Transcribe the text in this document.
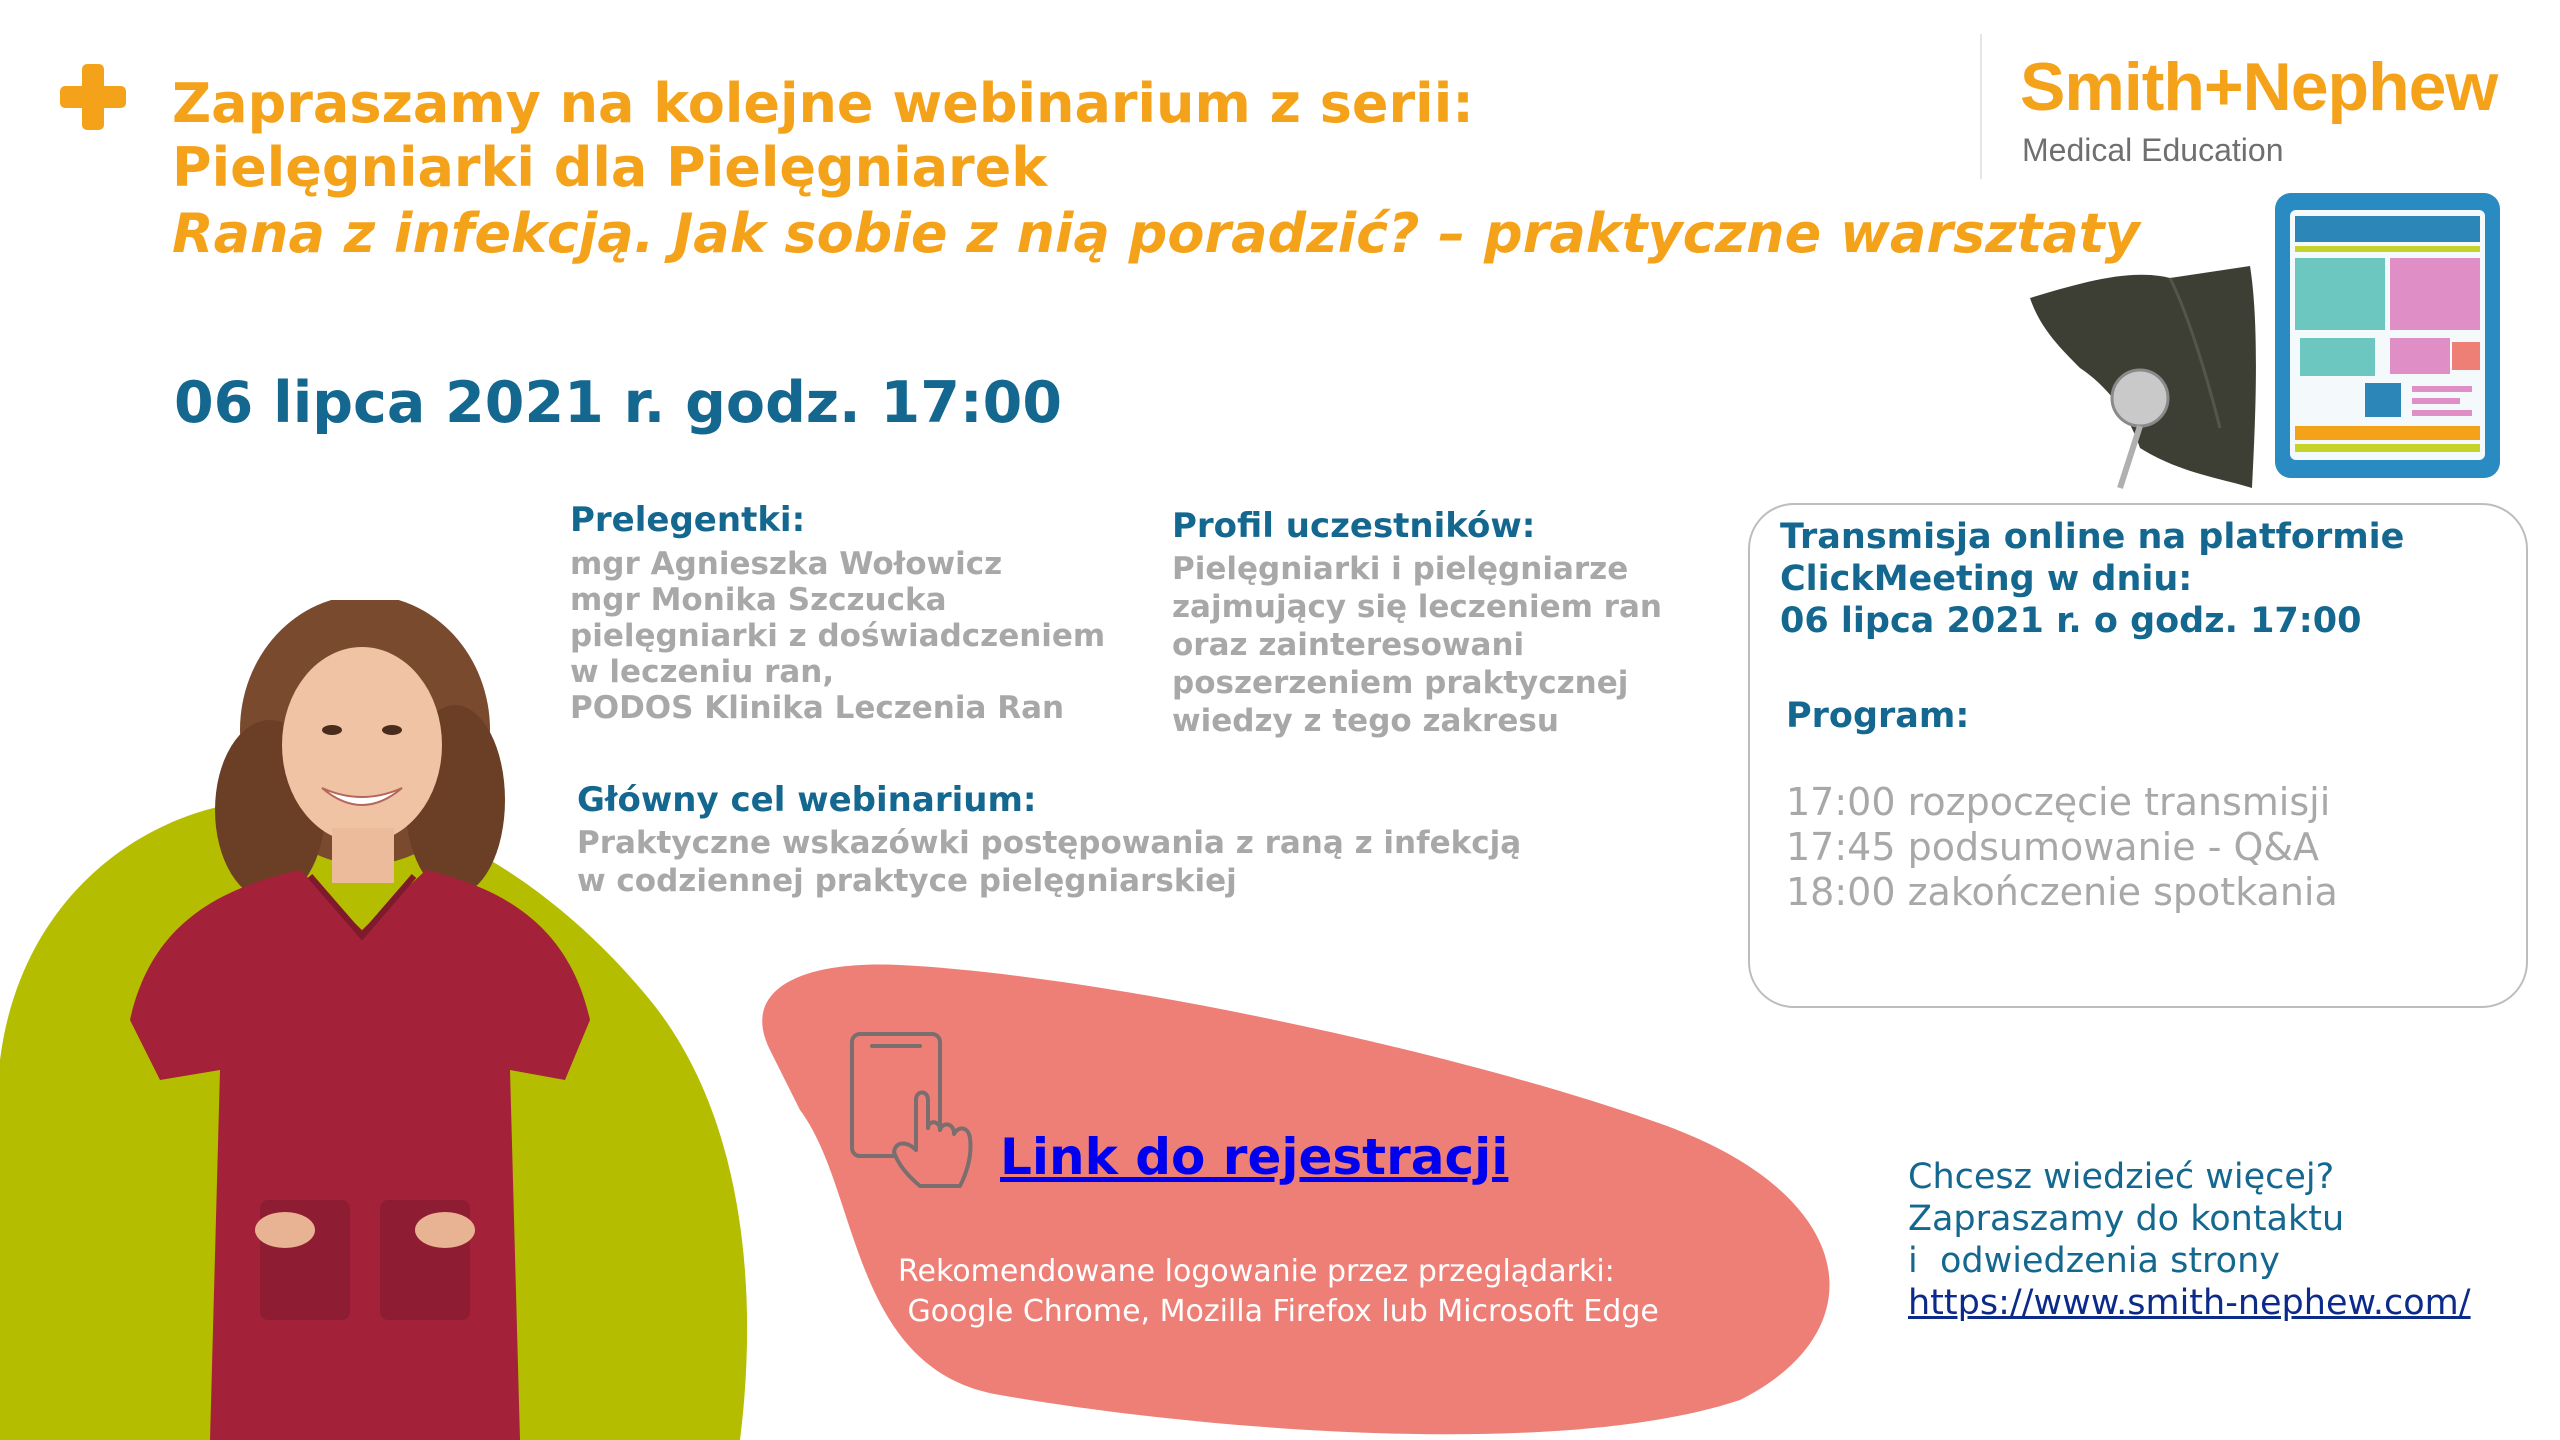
Zapraszamy na kolejne webinarium z serii:
Pielęgniarki dla Pielęgniarek
Rana z infekcją. Jak sobie z nią poradzić? – praktyczne warsztaty
06 lipca 2021 r. godz. 17:00
Smith+Nephew
Medical Education
Prelegentki:
mgr Agnieszka Wołowicz
mgr Monika Szczucka
pielęgniarki z doświadczeniem
w leczeniu ran,
PODOS Klinika Leczenia Ran
Profil uczestników:
Pielęgniarki i pielęgniarze
zajmujący się leczeniem ran
oraz zainteresowani
poszerzeniem praktycznej
wiedzy z tego zakresu
Główny cel webinarium:
Praktyczne wskazówki postępowania z raną z infekcją
w codziennej praktyce pielęgniarskiej
Transmisja online na platformie
ClickMeeting w dniu:
06 lipca 2021 r. o godz. 17:00
Program:
17:00 rozpoczęcie transmisji
17:45 podsumowanie - Q&A
18:00 zakończenie spotkania
Link do rejestracji
Rekomendowane logowanie przez przeglądarki:
Google Chrome, Mozilla Firefox lub Microsoft Edge
Chcesz wiedzieć więcej?
Zapraszamy do kontaktu
i  odwiedzenia strony
https://www.smith-nephew.com/
